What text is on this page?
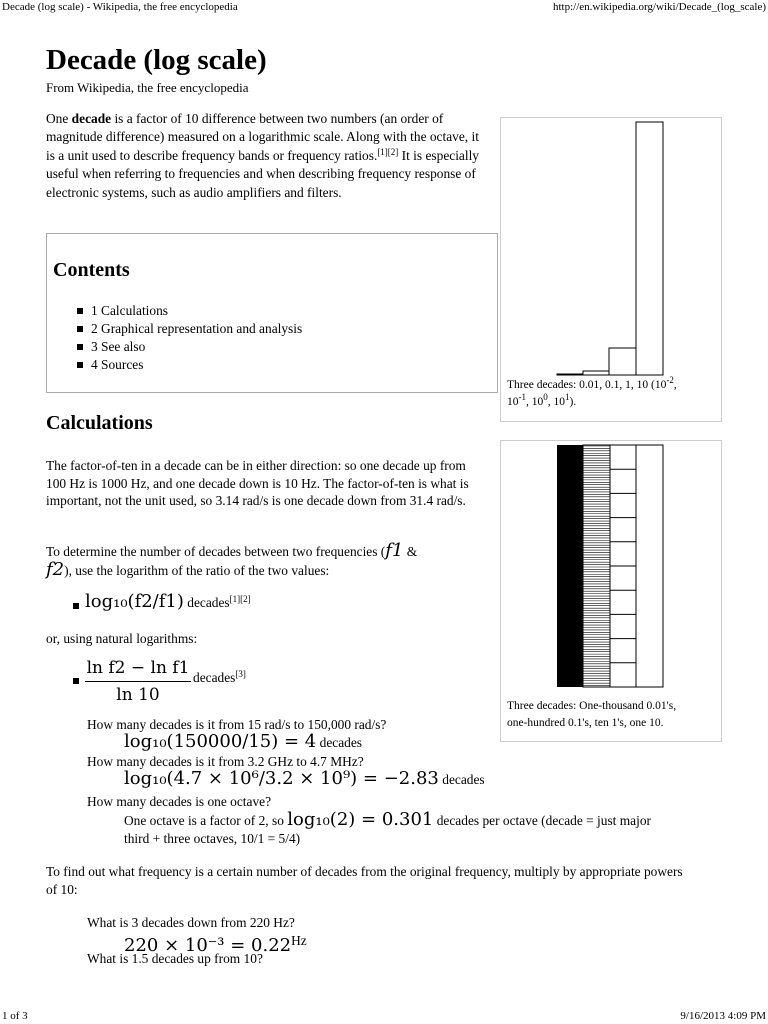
Decade (log scale) - Wikipedia, the free encyclopedia	http://en.wikipedia.org/wiki/Decade_(log_scale)
Decade (log scale)
From Wikipedia, the free encyclopedia
One decade is a factor of 10 difference between two numbers (an order of magnitude difference) measured on a logarithmic scale. Along with the octave, it is a unit used to describe frequency bands or frequency ratios.[1][2] It is especially useful when referring to frequencies and when describing frequency response of electronic systems, such as audio amplifiers and filters.
Contents
1 Calculations
2 Graphical representation and analysis
3 See also
4 Sources
Three decades: 0.01, 0.1, 1, 10 ($10^{-2}$,
$10^{-1}$, $10^0$, $10^1$).
Three decades: One-thousand 0.01's,
one-hundred 0.1's, ten 1's, one 10.
Calculations
The factor-of-ten in a decade can be in either direction: so one decade up from 100 Hz is 1000 Hz, and one decade down is 10 Hz. The factor-of-ten is what is important, not the unit used, so 3.14 rad/s is one decade down from 31.4 rad/s.
To determine the number of decades between two frequencies (f1 &
f2), use the logarithm of the ratio of the two values:
log₁₀(f2/f1) decades[1][2]
or, using natural logarithms:
ln f2 − ln f1
ln 10
decades[3]
How many decades is it from 15 rad/s to 150,000 rad/s?
log₁₀(150000/15) = 4 decades
How many decades is it from 3.2 GHz to 4.7 MHz?
log₁₀(4.7 × 10⁶/3.2 × 10⁹) = −2.83 decades
How many decades is one octave?
One octave is a factor of 2, so log₁₀(2) = 0.301 decades per octave (decade = just major
third + three octaves, 10/1 = 5/4)
To find out what frequency is a certain number of decades from the original frequency, multiply by appropriate powers of 10:
What is 3 decades down from 220 Hz?
220 × 10⁻³ = 0.22Hz
What is 1.5 decades up from 10?
1 of 3	9/16/2013 4:09 PM
